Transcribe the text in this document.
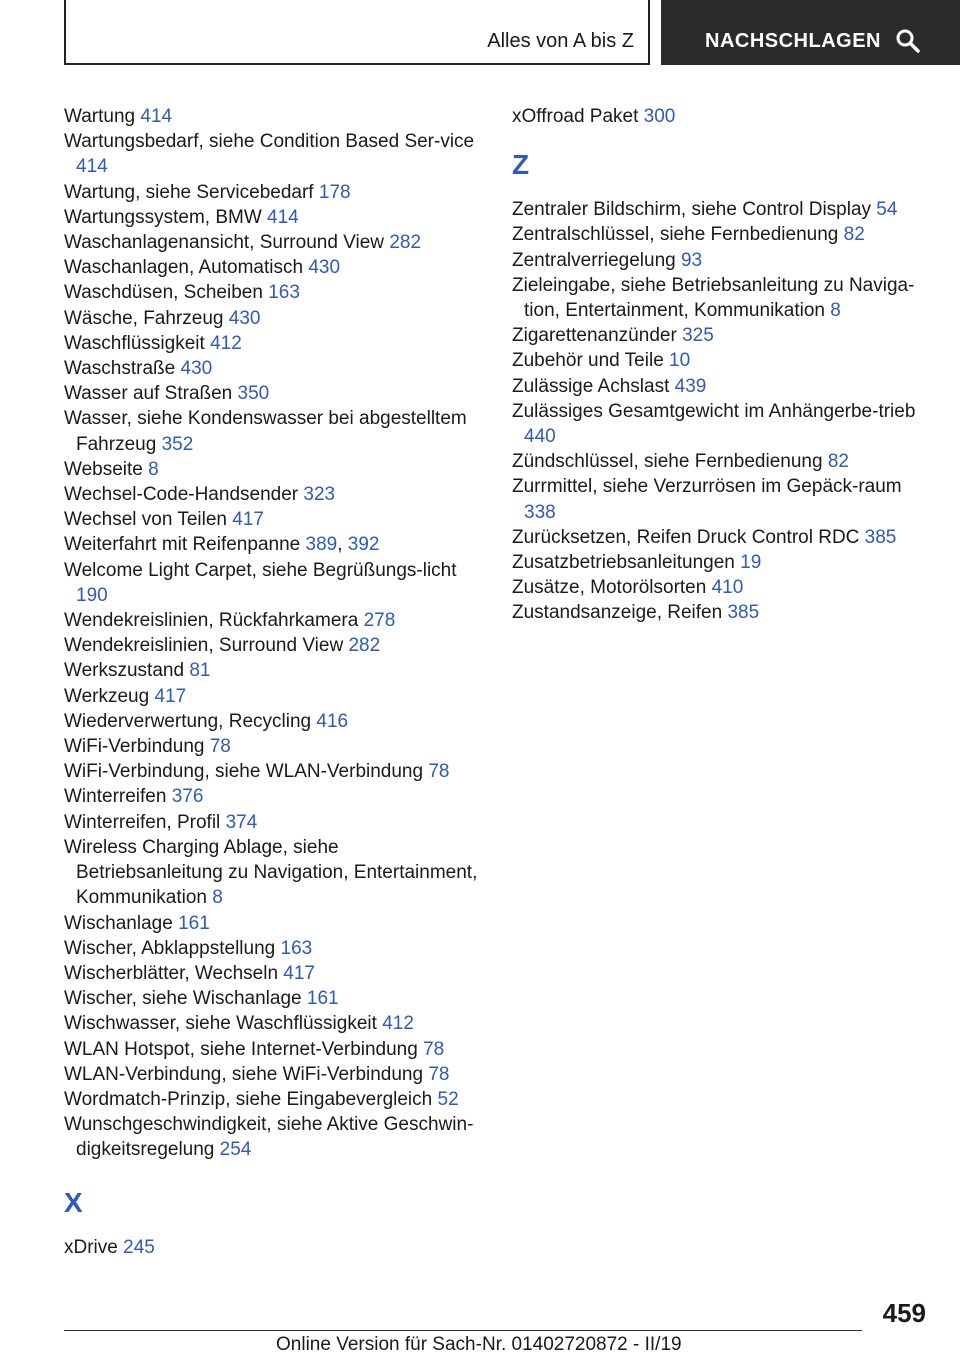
Alles von A bis Z	NACHSCHLAGEN
Wartung 414
Wartungsbedarf, siehe Condition Based Ser‐vice 414
Wartung, siehe Servicebedarf 178
Wartungssystem, BMW 414
Waschanlagenansicht, Surround View 282
Waschanlagen, Automatisch 430
Waschdüsen, Scheiben 163
Wäsche, Fahrzeug 430
Waschflüssigkeit 412
Waschstraße 430
Wasser auf Straßen 350
Wasser, siehe Kondenswasser bei abgestelltem Fahrzeug 352
Webseite 8
Wechsel-Code-Handsender 323
Wechsel von Teilen 417
Weiterfahrt mit Reifenpanne 389, 392
Welcome Light Carpet, siehe Begrüßungs‐licht 190
Wendekreislinien, Rückfahrkamera 278
Wendekreislinien, Surround View 282
Werkszustand 81
Werkzeug 417
Wiederverwertung, Recycling 416
WiFi-Verbindung 78
WiFi-Verbindung, siehe WLAN-Verbindung 78
Winterreifen 376
Winterreifen, Profil 374
Wireless Charging Ablage, siehe Betriebsanleitung zu Navigation, Entertainment, Kommunikation 8
Wischanlage 161
Wischer, Abklappstellung 163
Wischerblätter, Wechseln 417
Wischer, siehe Wischanlage 161
Wischwasser, siehe Waschflüssigkeit 412
WLAN Hotspot, siehe Internet-Verbindung 78
WLAN-Verbindung, siehe WiFi-Verbindung 78
Wordmatch-Prinzip, siehe Eingabevergleich 52
Wunschgeschwindigkeit, siehe Aktive Geschwin‐digkeitsregelung 254
X
xDrive 245
xOffroad Paket 300
Z
Zentraler Bildschirm, siehe Control Display 54
Zentralschlüssel, siehe Fernbedienung 82
Zentralverriegelung 93
Zieleingabe, siehe Betriebsanleitung zu Naviga‐tion, Entertainment, Kommunikation 8
Zigarettenanzünder 325
Zubehör und Teile 10
Zulässige Achslast 439
Zulässiges Gesamtgewicht im Anhängerbe‐trieb 440
Zündschlüssel, siehe Fernbedienung 82
Zurrmittel, siehe Verzurrösen im Gepäck‐raum 338
Zurücksetzen, Reifen Druck Control RDC 385
Zusatzbetriebsanleitungen 19
Zusätze, Motorölsorten 410
Zustandsanzeige, Reifen 385
459
Online Version für Sach-Nr. 01402720872 - II/19
